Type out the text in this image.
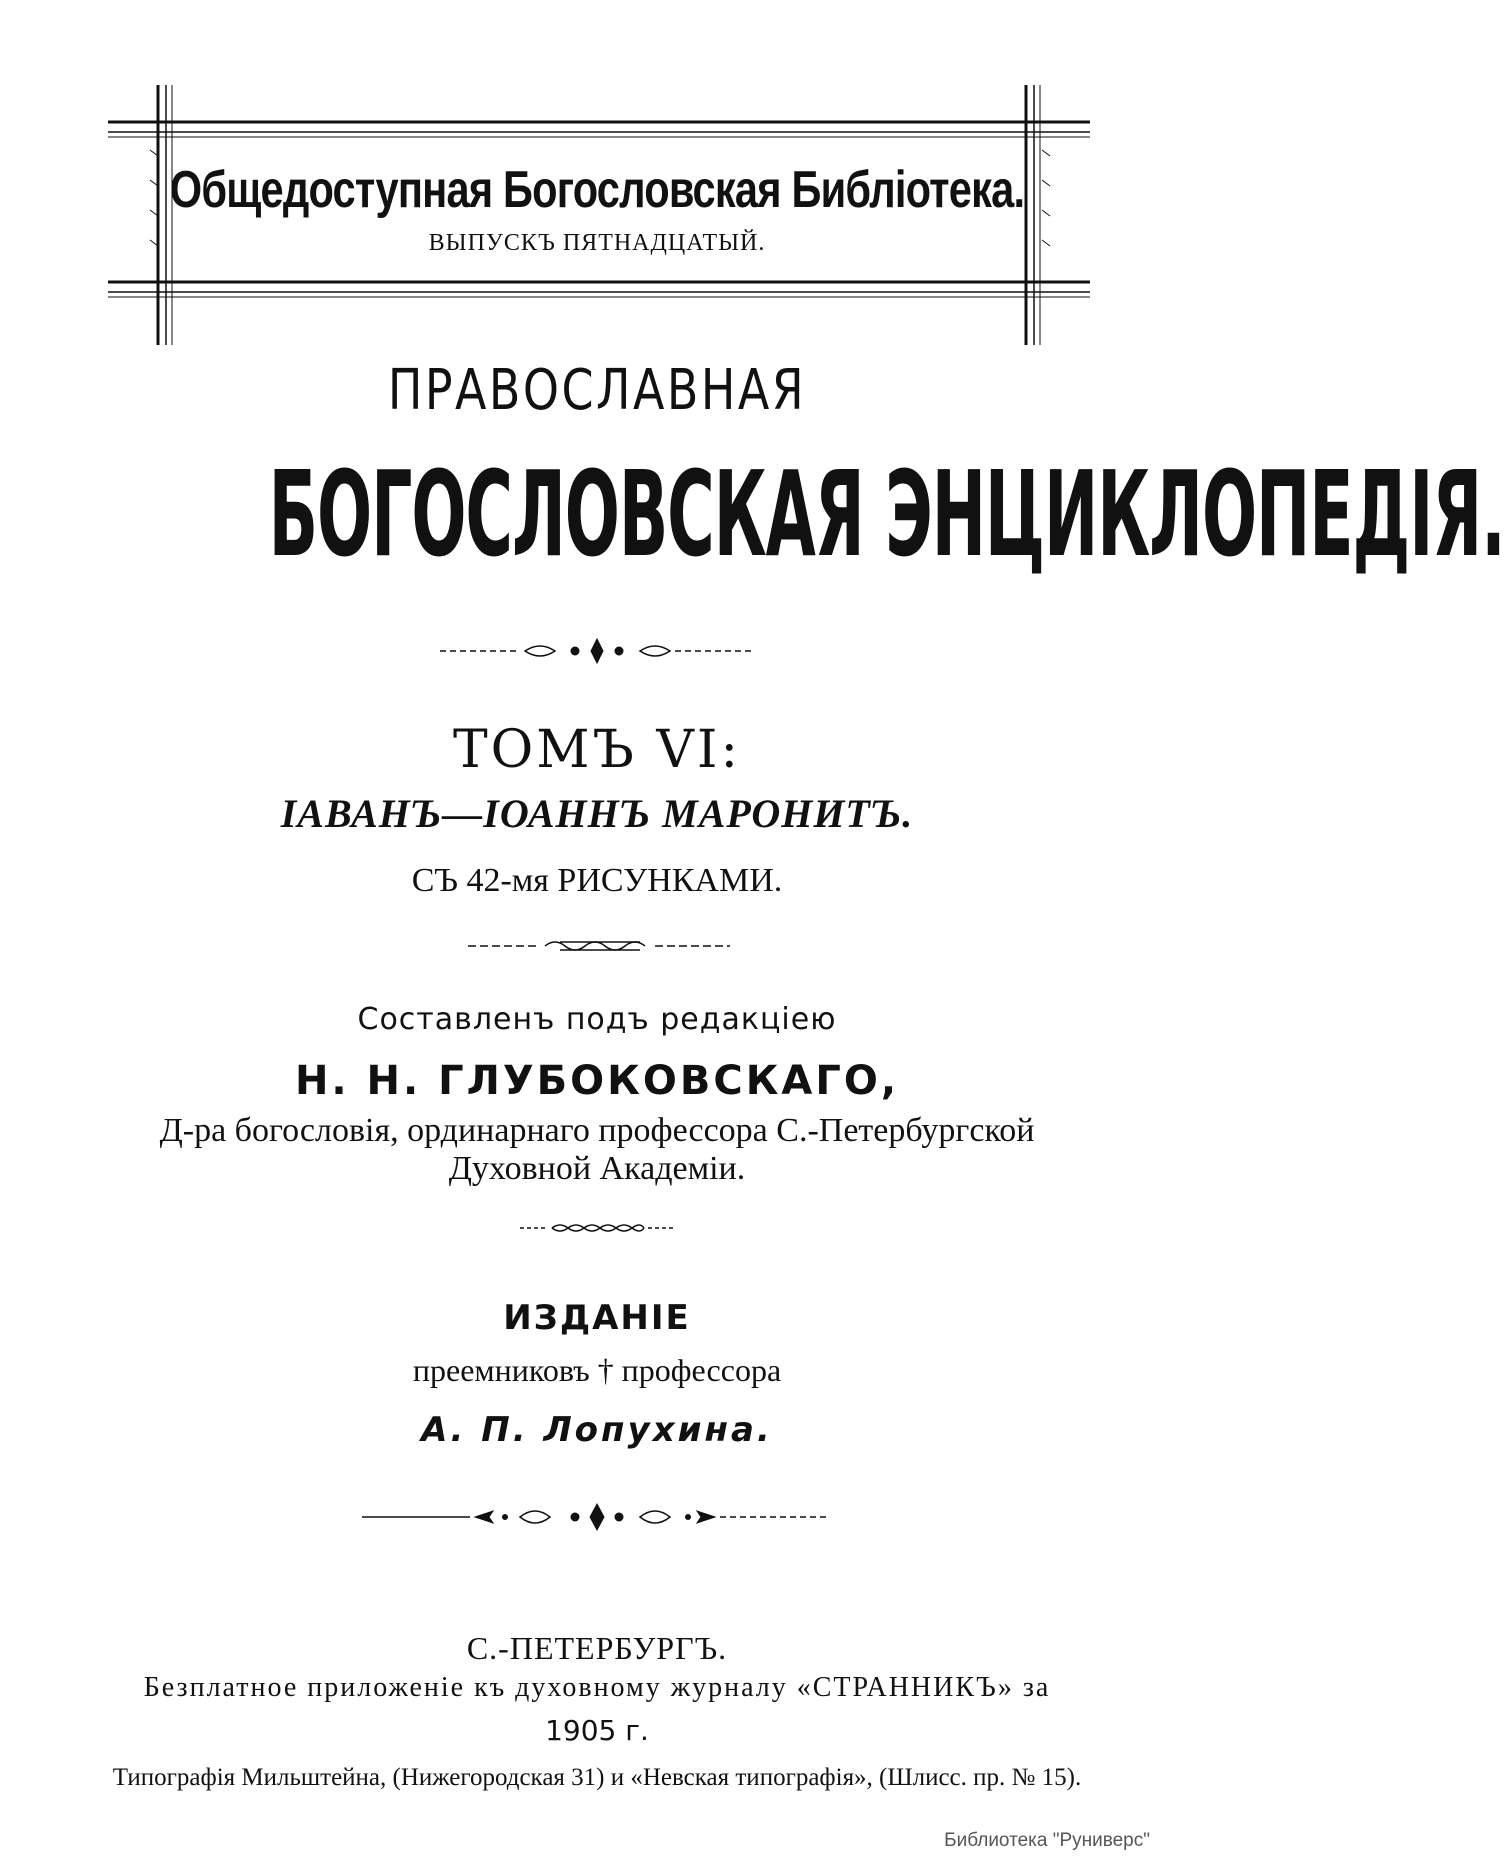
Общедоступная Богословская Библіотека.
ВЫПУСКЪ ПЯТНАДЦАТЫЙ.
ПРАВОСЛАВНАЯ
БОГОСЛОВСКАЯ ЭНЦИКЛОПЕДІЯ.
ТОМЪ VI:
ІАВАНЪ—ІОАННЪ МАРОНИТЪ.
СЪ 42-мя РИСУНКАМИ.
Составленъ подъ редакціею
Н. Н. ГЛУБОКОВСКАГО,
Д-ра богословія, ординарнаго профессора С.-Петербургской
Духовной Академіи.
ИЗДАНІЕ
преемниковъ † профессора
А. П. Лопухина.
С.-ПЕТЕРБУРГЪ.
Безплатное приложеніе къ духовному журналу «СТРАННИКЪ» за
1905 г.
Типографія Мильштейна, (Нижегородская 31) и «Невская типографія», (Шлисс. пр. № 15).
Библиотека "Руниверс"
